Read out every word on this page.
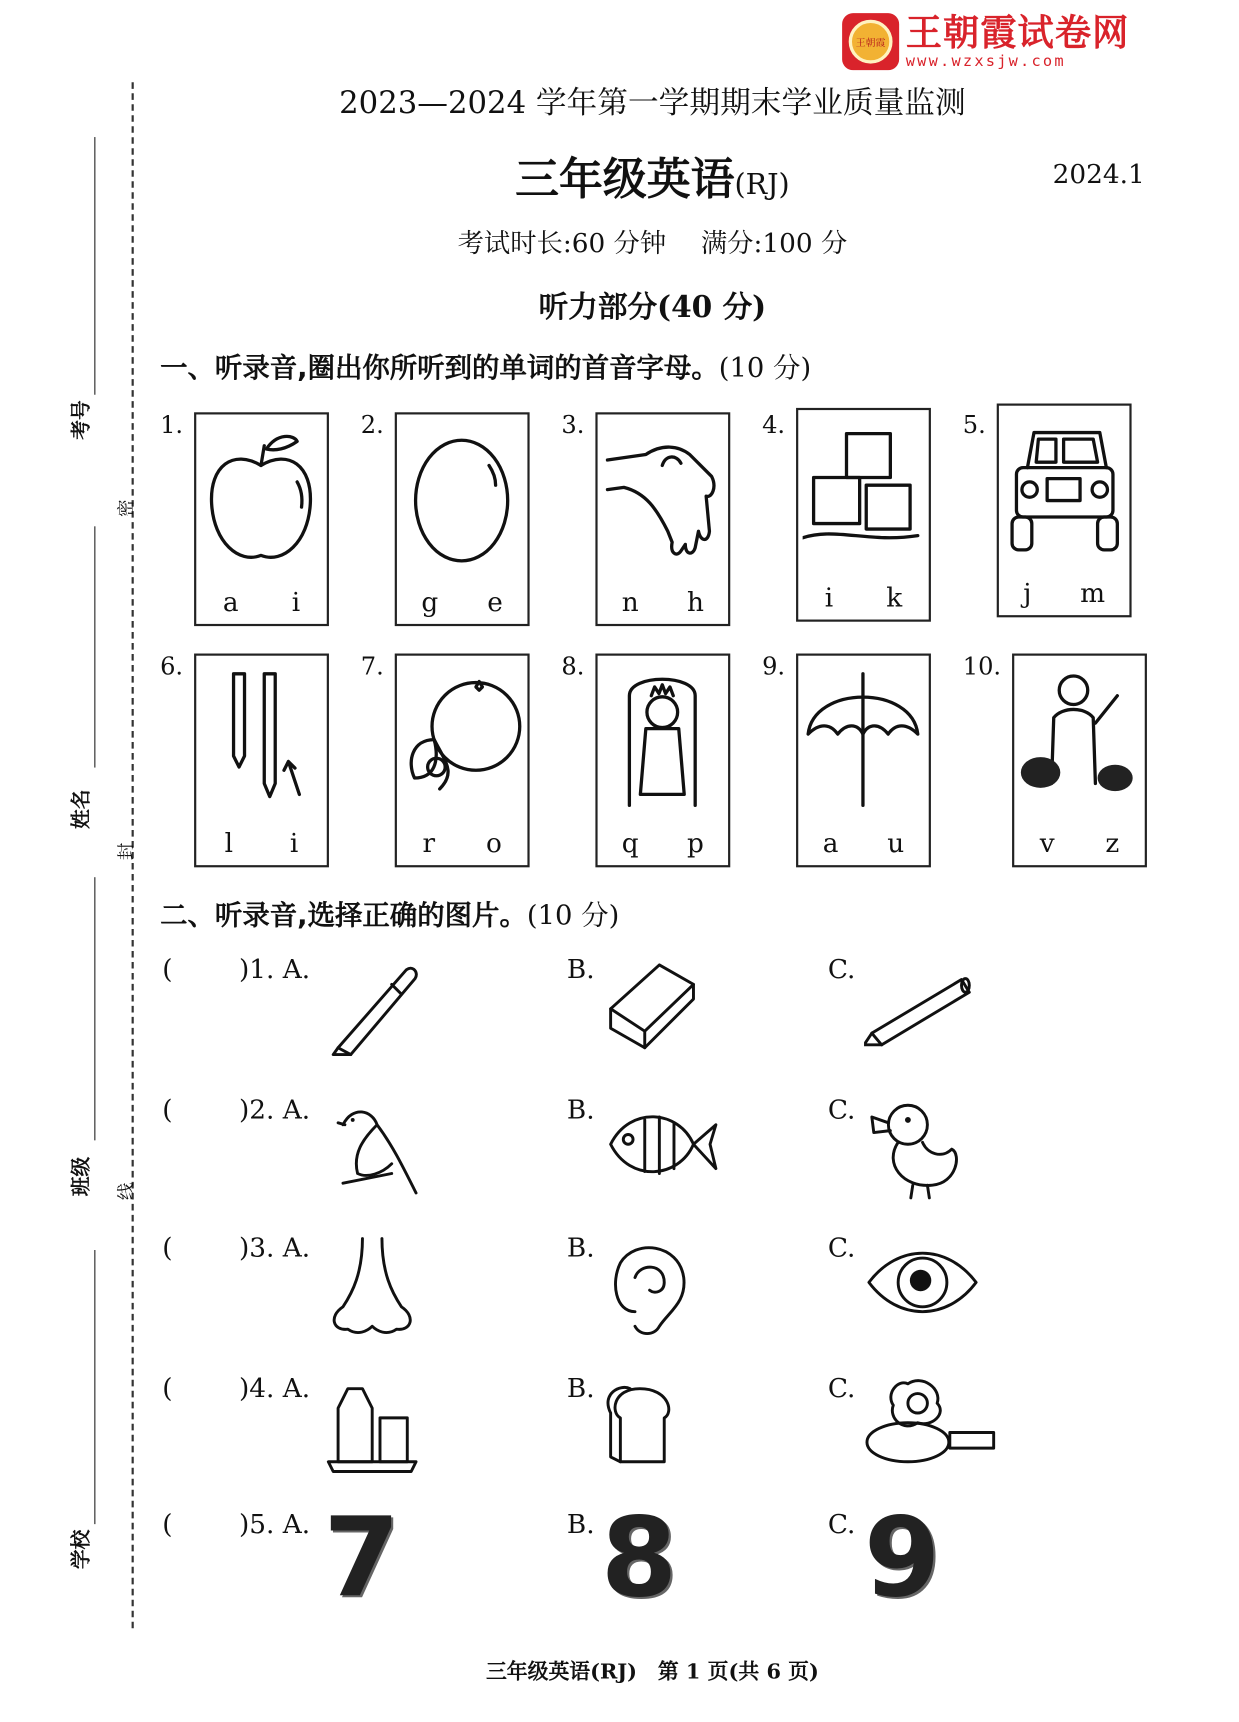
王朝霞 王朝霞试卷网
www.wzxsjw.com
考号
姓名
班级
学校
密
封
线
2023—2024 学年第一学期期末学业质量监测
三年级英语(RJ)	2024.1
考试时长:60 分钟　 满分:100 分
听力部分(40 分)
一、听录音,圈出你所听到的单词的首音字母。(10 分)
1.
a i
2.
g e
3.
n h
4.
i k
5.
j m
6.
l i
7.
r o
8.
q p
9.
a u
10.
v z
二、听录音,选择正确的图片。(10 分)
(	)1. A.	B.	C.
(	)2. A.	B.	C.
(	)3. A.	B.	C.
(	)4. A.	B.	C.
(	)5. A. 7	B. 8	C. 9
三年级英语(RJ)　第 1 页(共 6 页)
